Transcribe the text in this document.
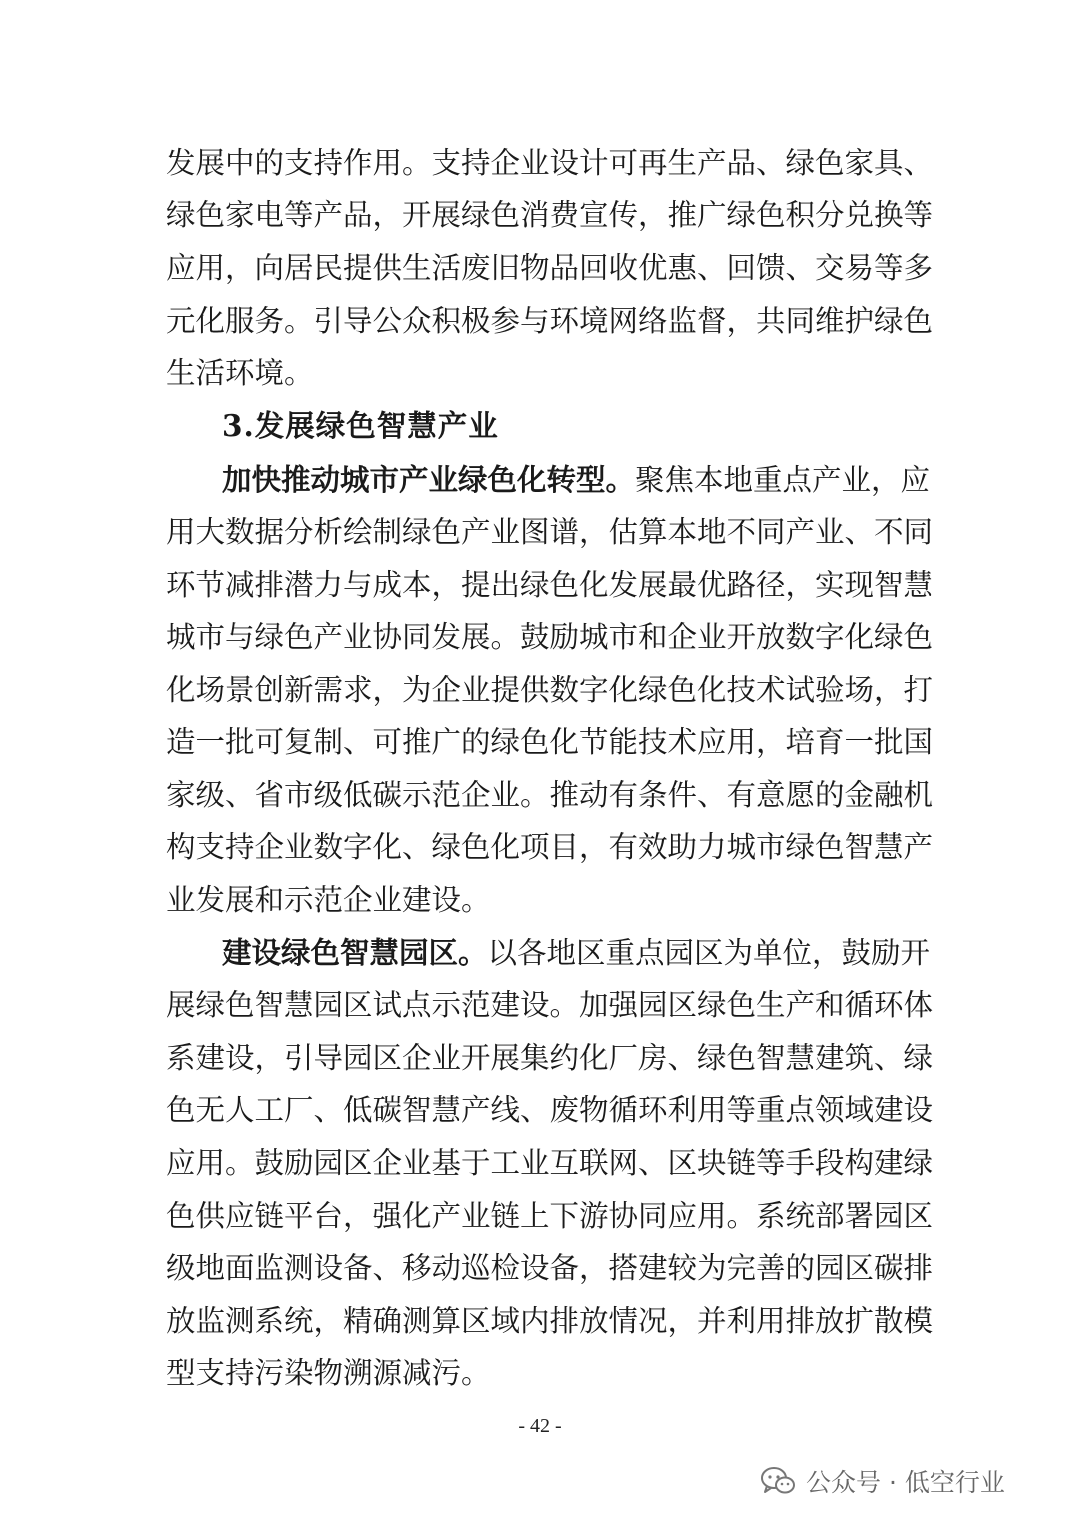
发展中的支持作用。支持企业设计可再生产品、绿色家具、
绿色家电等产品，开展绿色消费宣传，推广绿色积分兑换等
应用，向居民提供生活废旧物品回收优惠、回馈、交易等多
元化服务。引导公众积极参与环境网络监督，共同维护绿色
生活环境。
3.发展绿色智慧产业
加快推动城市产业绿色化转型。聚焦本地重点产业，应
用大数据分析绘制绿色产业图谱，估算本地不同产业、不同
环节减排潜力与成本，提出绿色化发展最优路径，实现智慧
城市与绿色产业协同发展。鼓励城市和企业开放数字化绿色
化场景创新需求，为企业提供数字化绿色化技术试验场，打
造一批可复制、可推广的绿色化节能技术应用，培育一批国
家级、省市级低碳示范企业。推动有条件、有意愿的金融机
构支持企业数字化、绿色化项目，有效助力城市绿色智慧产
业发展和示范企业建设。
建设绿色智慧园区。以各地区重点园区为单位，鼓励开
展绿色智慧园区试点示范建设。加强园区绿色生产和循环体
系建设，引导园区企业开展集约化厂房、绿色智慧建筑、绿
色无人工厂、低碳智慧产线、废物循环利用等重点领域建设
应用。鼓励园区企业基于工业互联网、区块链等手段构建绿
色供应链平台，强化产业链上下游协同应用。系统部署园区
级地面监测设备、移动巡检设备，搭建较为完善的园区碳排
放监测系统，精确测算区域内排放情况，并利用排放扩散模
型支持污染物溯源减污。
- 42 -
公众号 · 低空行业
